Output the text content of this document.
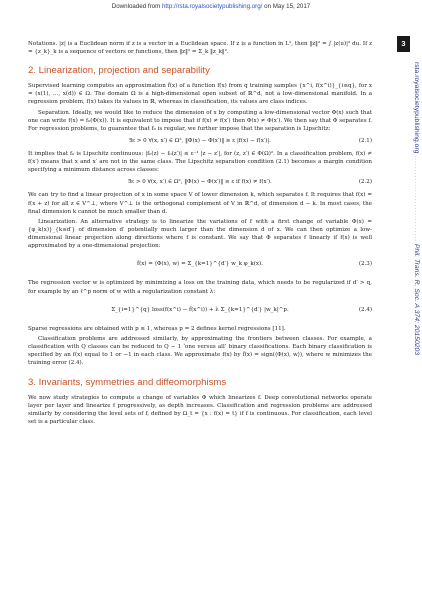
Downloaded from http://rsta.royalsocietypublishing.org/ on May 15, 2017
3
rsta.royalsocietypublishing.org .............................. Phil. Trans. R. Soc. A 374: 20150203

Notations. |z| is a Euclidean norm if z is a vector in a Euclidean space. If z is a function in L², then ‖z‖² = ∫ |z(u)|² du. If z = {z_k}_k is a sequence of vectors or functions, then ‖z‖² = Σ_k ‖z_k‖².

2. Linearization, projection and separability

Supervised learning computes an approximation f̃(x) of a function f(x) from q training samples {x^i, f(x^i)}_{i≤q}, for x = (x(1), …, x(d)) ∈ Ω. The domain Ω is a high-dimensional open subset of ℝ^d, not a low-dimensional manifold. In a regression problem, f(x) takes its values in ℝ, whereas in classification, its values are class indices.

Separation. Ideally, we would like to reduce the dimension of x by computing a low-dimensional vector Φ(x) such that one can write f(x) = f₀(Φ(x)). It is equivalent to impose that if f(x) ≠ f(x′) then Φ(x) ≠ Φ(x′). We then say that Φ separates f. For regression problems, to guarantee that f₀ is regular, we further impose that the separation is Lipschitz:

∃ε > 0 ∀(x, x′) ∈ Ω², ‖Φ(x) − Φ(x′)‖ ≥ ε |f(x) − f(x′)|.	(2.1)

It implies that f₀ is Lipschitz continuous: |f₀(z) − f₀(z′)| ≤ ε⁻¹ |z − z′|, for (z, z′) ∈ Φ(Ω)². In a classification problem, f(x) ≠ f(x′) means that x and x′ are not in the same class. The Lipschitz separation condition (2.1) becomes a margin condition specifying a minimum distance across classes:

∃ε > 0 ∀(x, x′) ∈ Ω², ‖Φ(x) − Φ(x′)‖ ≥ ε if f(x) ≠ f(x′).	(2.2)

We can try to find a linear projection of x in some space V of lower dimension k, which separates f. It requires that f(x) = f(x + z) for all z ∈ V^⊥, where V^⊥ is the orthogonal complement of V in ℝ^d, of dimension d − k. In most cases, the final dimension k cannot be much smaller than d.

Linearization. An alternative strategy is to linearize the variations of f with a first change of variable Φ(x) = {φ_k(x)}_{k≤d′} of dimension d′ potentially much larger than the dimension d of x. We can then optimize a low-dimensional linear projection along directions where f is constant. We say that Φ separates f linearly if f(x) is well approximated by a one-dimensional projection:

f̃(x) = ⟨Φ(x), w⟩ = Σ_{k=1}^{d′} w_k φ_k(x).	(2.3)

The regression vector w is optimized by minimizing a loss on the training data, which needs to be regularized if d′ > q, for example by an ℓ^p norm of w with a regularization constant λ:

Σ_{i=1}^{q} loss(f(x^i) − f̃(x^i)) + λ Σ_{k=1}^{d′} |w_k|^p.	(2.4)

Sparse regressions are obtained with p ≤ 1, whereas p = 2 defines kernel regressions [11].

Classification problems are addressed similarly, by approximating the frontiers between classes. For example, a classification with Q classes can be reduced to Q − 1 ‘one versus all’ binary classifications. Each binary classification is specified by an f(x) equal to 1 or −1 in each class. We approximate f(x) by f̃(x) = sign(⟨Φ(x), w⟩), where w minimizes the training error (2.4).

3. Invariants, symmetries and diffeomorphisms

We now study strategies to compute a change of variables Φ which linearizes f. Deep convolutional networks operate layer per layer and linearize f progressively, as depth increases. Classification and regression problems are addressed similarly by considering the level sets of f, defined by Ω_t = {x : f(x) = t} if f is continuous. For classification, each level set is a particular class.
